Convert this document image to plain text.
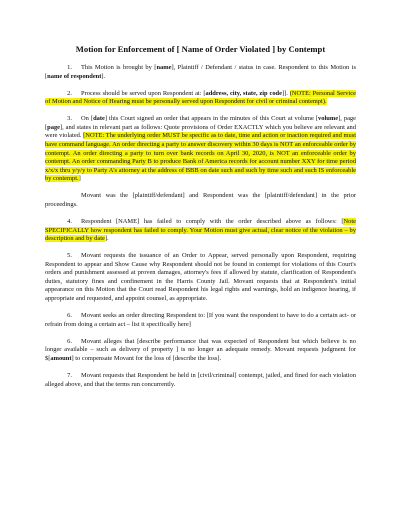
Motion for Enforcement of [ Name of Order Violated ] by Contempt
1. This Motion is brought by [name], Plaintiff / Defendant / status in case. Respondent to this Motion is [name of respondent].
2. Process should be served upon Respondent at: [address, city, state, zip code]]. (NOTE: Personal Service of Motion and Notice of Hearing must be personally served upon Respondent for civil or criminal contempt).
3. On [date] this Court signed an order that appears in the minutes of this Court at volume [volume], page [page], and states in relevant part as follows: Quote provisions of Order EXACTLY which you believe are relevant and were violated. [NOTE: The underlying order MUST be specific as to date, time and action or inaction required and must have command language. An order directing a party to answer discovery within 30 days is NOT an enforceable order by contempt. An order directing a party to turn over bank records on April 30, 2020, is NOT an enforceable order by contempt. An order commanding Party B to produce Bank of America records for account number XXY for time period x/x/x thru y/y/y to Party A's attorney at the address of BBB on date such and such by time such and such IS enforceable by contempt.]
Movant was the [plaintiff/defendant] and Respondent was the [plaintiff/defendant] in the prior proceedings.
4. Respondent [NAME] has failed to comply with the order described above as follows: [Note SPECIFICALLY how respondent has failed to comply. Your Motion must give actual, clear notice of the violation – by description and by date].
5. Movant requests the issuance of an Order to Appear, served personally upon Respondent, requiring Respondent to appear and Show Cause why Respondent should not be found in contempt for violations of this Court's orders and punishment assessed at proven damages, attorney's fees if allowed by statute, clarification of Respondent's duties, statutory fines and confinement in the Harris County Jail. Movant requests that at Respondent's initial appearance on this Motion that the Court read Respondent his legal rights and warnings, hold an indigence hearing, if appropriate and requested, and appoint counsel, as appropriate.
6. Movant seeks an order directing Respondent to: [If you want the respondent to have to do a certain act- or refrain from doing a certain act – list it specifically here]
6. Movant alleges that [describe performance that was expected of Respondent but which believe is no longer available – such as delivery of property ] is no longer an adequate remedy. Movant requests judgment for $[amount] to compensate Movant for the loss of [describe the loss].
7. Movant requests that Respondent be held in [civil/criminal] contempt, jailed, and fined for each violation alleged above, and that the terms run concurrently.
